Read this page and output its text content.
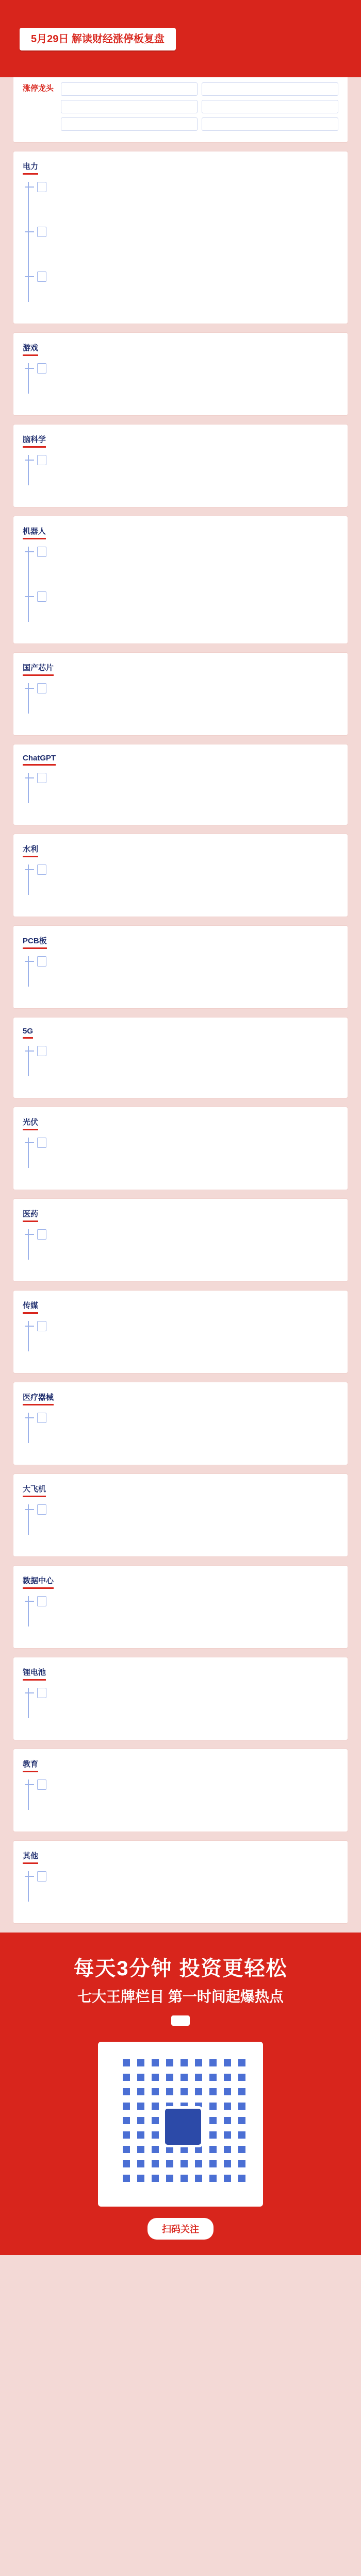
5月29日 解读财经涨停板复盘
涨停龙头
电力
游戏
脑科学
机器人
国产芯片
ChatGPT
水利
PCB板
5G
光伏
医药
传媒
医疗器械
大飞机
数据中心
锂电池
教育
其他
每天3分钟 投资更轻松
七大王牌栏目 第一时间起爆热点
扫码关注
